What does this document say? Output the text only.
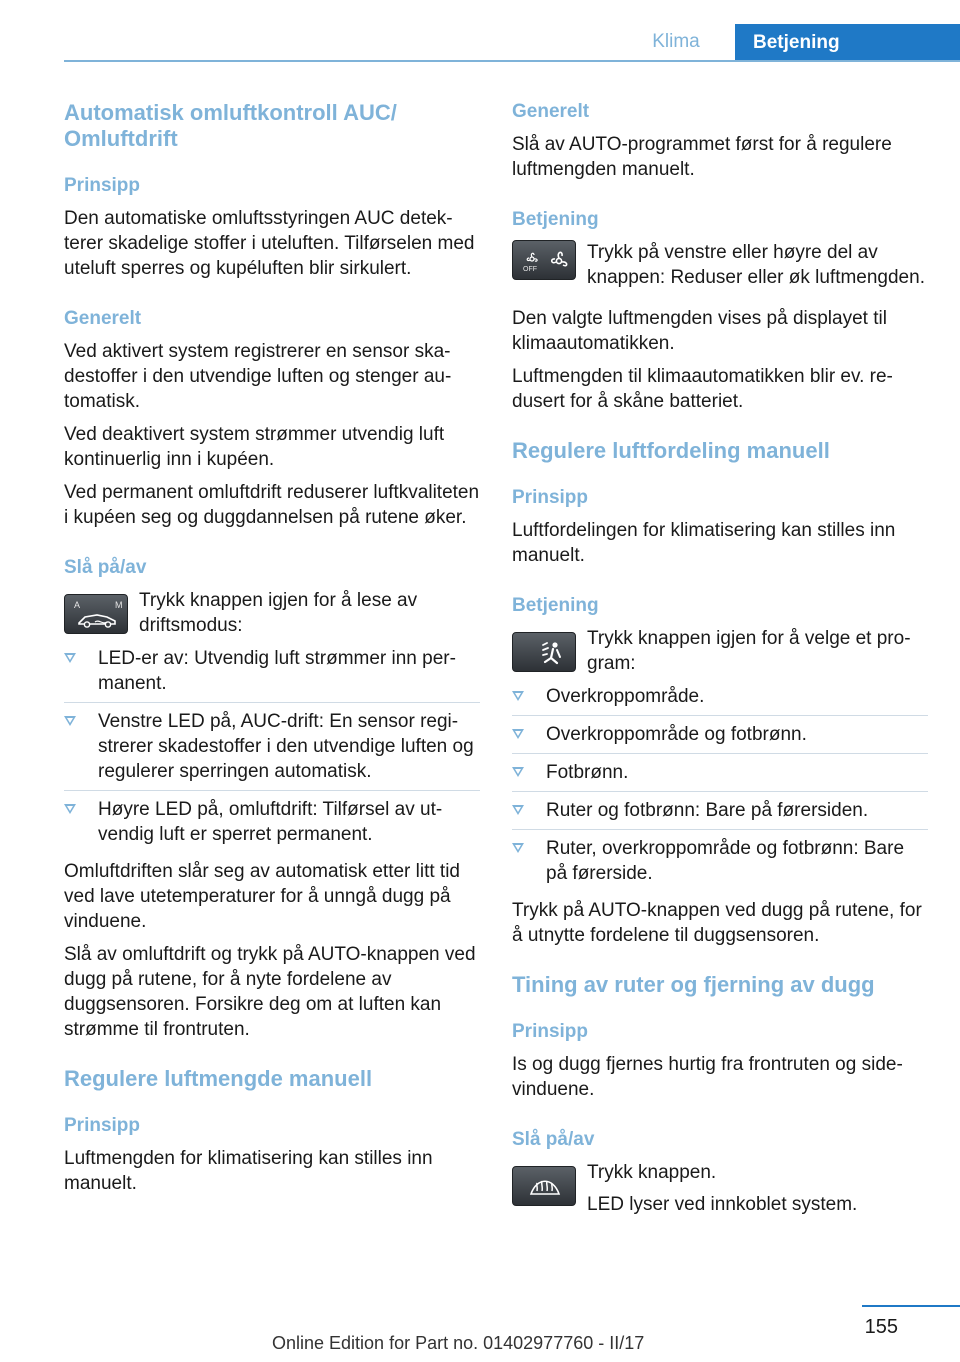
Klima	Betjening
Automatisk omluftkontroll AUC/ Omluftdrift
Prinsipp

Den automatiske omluftsstyringen AUC detekterer skadelige stoffer i uteluften. Tilførselen med uteluft sperres og kupéluften blir sirkulert.

Generelt

Ved aktivert system registrerer en sensor skadestoffer i den utvendige luften og stenger automatisk.

Ved deaktivert system strømmer utvendig luft kontinuerlig inn i kupéen.

Ved permanent omluftdrift reduserer luftkvaliteten i kupéen seg og duggdannelsen på rutene øker.

Slå på/av
A	M Trykk knappen igjen for å lese av driftsmodus:

LED-er av: Utvendig luft strømmer inn permanent.
Venstre LED på, AUC-drift: En sensor registrerer skadestoffer i den utvendige luften og regulerer sperringen automatisk.
Høyre LED på, omluftdrift: Tilførsel av utvendig luft er sperret permanent.

Omluftdriften slår seg av automatisk etter litt tid ved lave utetemperaturer for å unngå dugg på vinduene.

Slå av omluftdrift og trykk på AUTO-knappen ved dugg på rutene, for å nyte fordelene av duggsensoren. Forsikre deg om at luften kan strømme til frontruten.

Regulere luftmengde manuell
Prinsipp

Luftmengden for klimatisering kan stilles inn manuelt.

Generelt

Slå av AUTO-programmet først for å regulere luftmengden manuelt.

Betjening
OFF

Trykk på venstre eller høyre del av knappen: Reduser eller øk luftmengden.

Den valgte luftmengden vises på displayet til klimaautomatikken.

Luftmengden til klimaautomatikken blir ev. redusert for å skåne batteriet.

Regulere luftfordeling manuell
Prinsipp

Luftfordelingen for klimatisering kan stilles inn manuelt.

Betjening

Trykk knappen igjen for å velge et program:

Overkroppområde.
Overkroppområde og fotbrønn.
Fotbrønn.
Ruter og fotbrønn: Bare på førersiden.
Ruter, overkroppområde og fotbrønn: Bare på førerside.

Trykk på AUTO-knappen ved dugg på rutene, for å utnytte fordelene til duggsensoren.

Tining av ruter og fjerning av dugg
Prinsipp

Is og dugg fjernes hurtig fra frontruten og sidevinduene.

Slå på/av

Trykk knappen.

LED lyser ved innkoblet system.

155
Online Edition for Part no. 01402977760 - II/17
